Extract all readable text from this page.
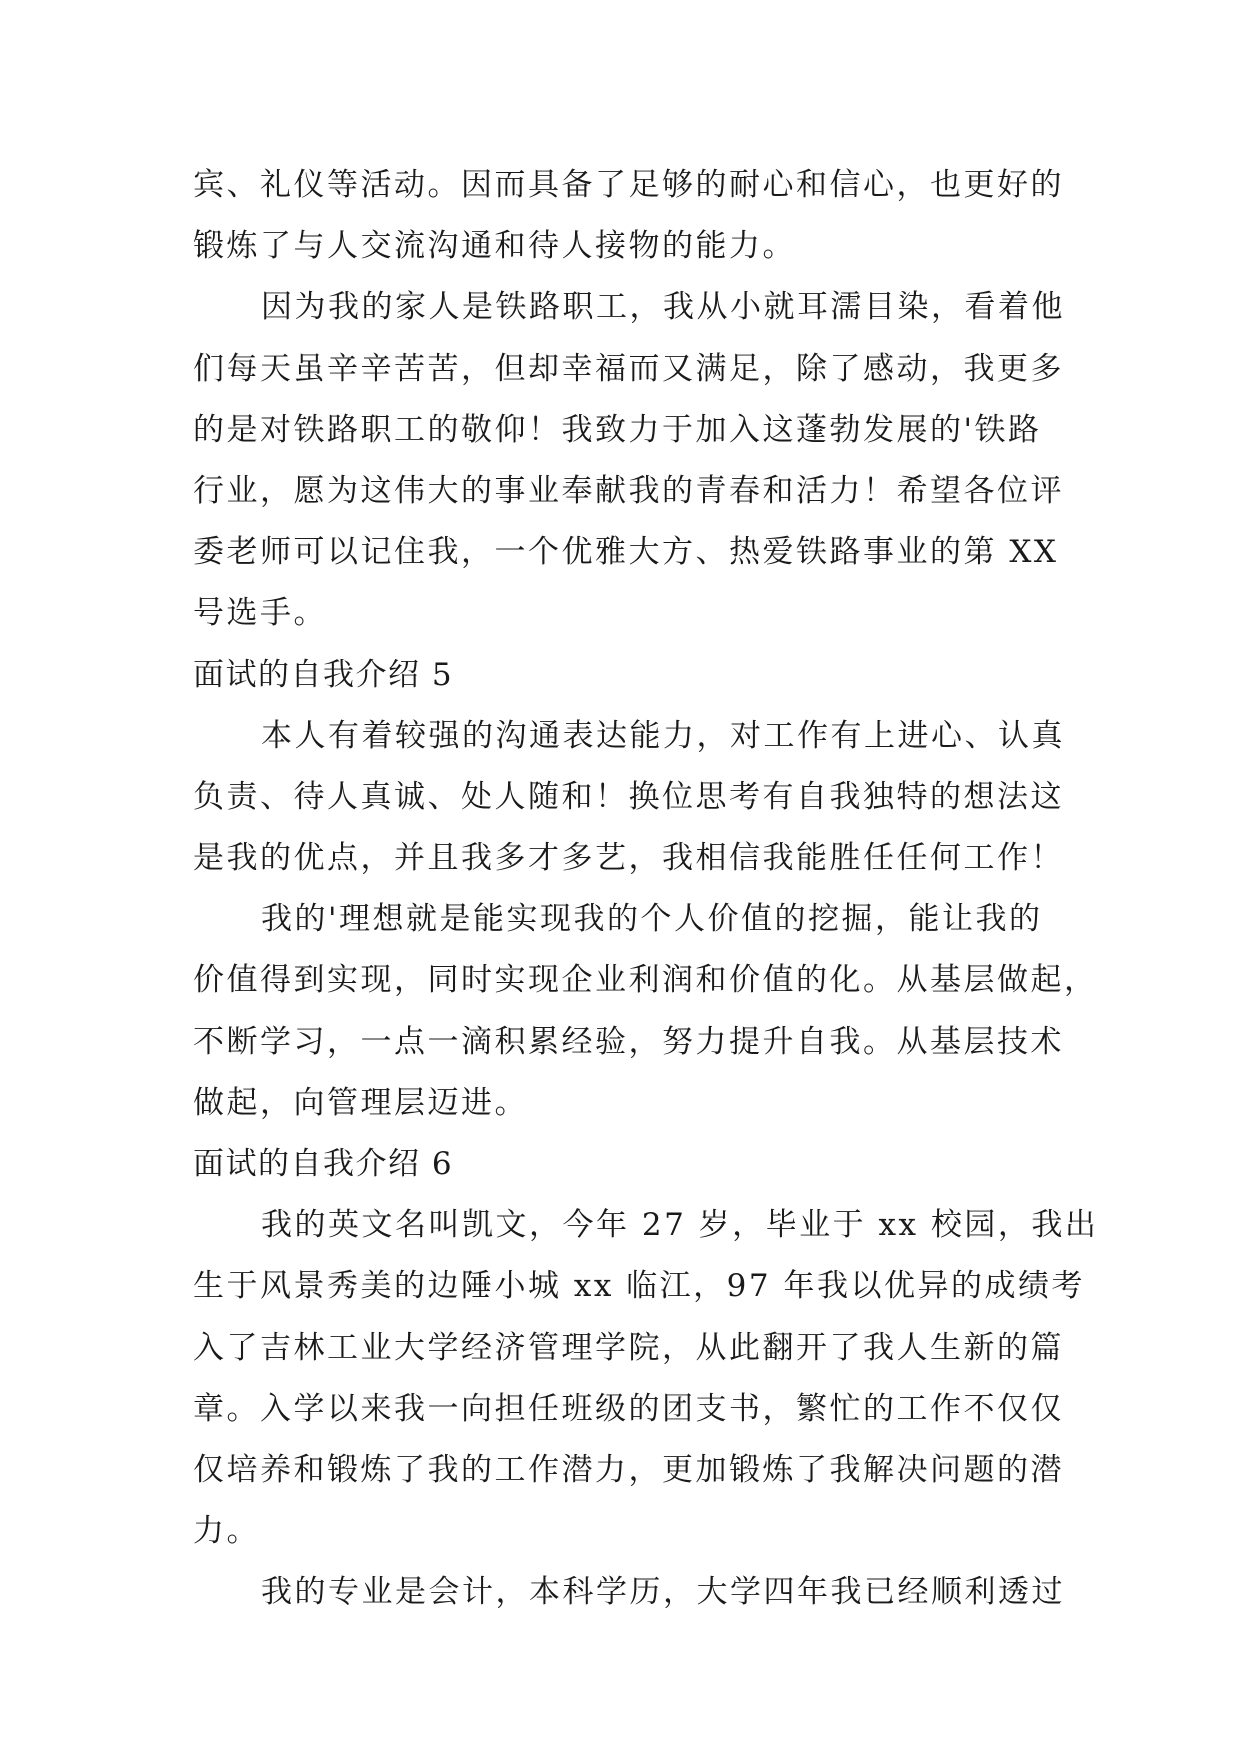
宾、礼仪等活动。因而具备了足够的耐心和信心，也更好的
锻炼了与人交流沟通和待人接物的能力。
因为我的家人是铁路职工，我从小就耳濡目染，看着他
们每天虽辛辛苦苦，但却幸福而又满足，除了感动，我更多
的是对铁路职工的敬仰！我致力于加入这蓬勃发展的'铁路
行业，愿为这伟大的事业奉献我的青春和活力！希望各位评
委老师可以记住我，一个优雅大方、热爱铁路事业的第 XX
号选手。
面试的自我介绍 5
本人有着较强的沟通表达能力，对工作有上进心、认真
负责、待人真诚、处人随和！换位思考有自我独特的想法这
是我的优点，并且我多才多艺，我相信我能胜任任何工作！
我的'理想就是能实现我的个人价值的挖掘，能让我的
价值得到实现，同时实现企业利润和价值的化。从基层做起，
不断学习，一点一滴积累经验，努力提升自我。从基层技术
做起，向管理层迈进。
面试的自我介绍 6
我的英文名叫凯文，今年 27 岁，毕业于 xx 校园，我出
生于风景秀美的边陲小城 xx 临江，97 年我以优异的成绩考
入了吉林工业大学经济管理学院，从此翻开了我人生新的篇
章。入学以来我一向担任班级的团支书，繁忙的工作不仅仅
仅培养和锻炼了我的工作潜力，更加锻炼了我解决问题的潜
力。
我的专业是会计，本科学历，大学四年我已经顺利透过
